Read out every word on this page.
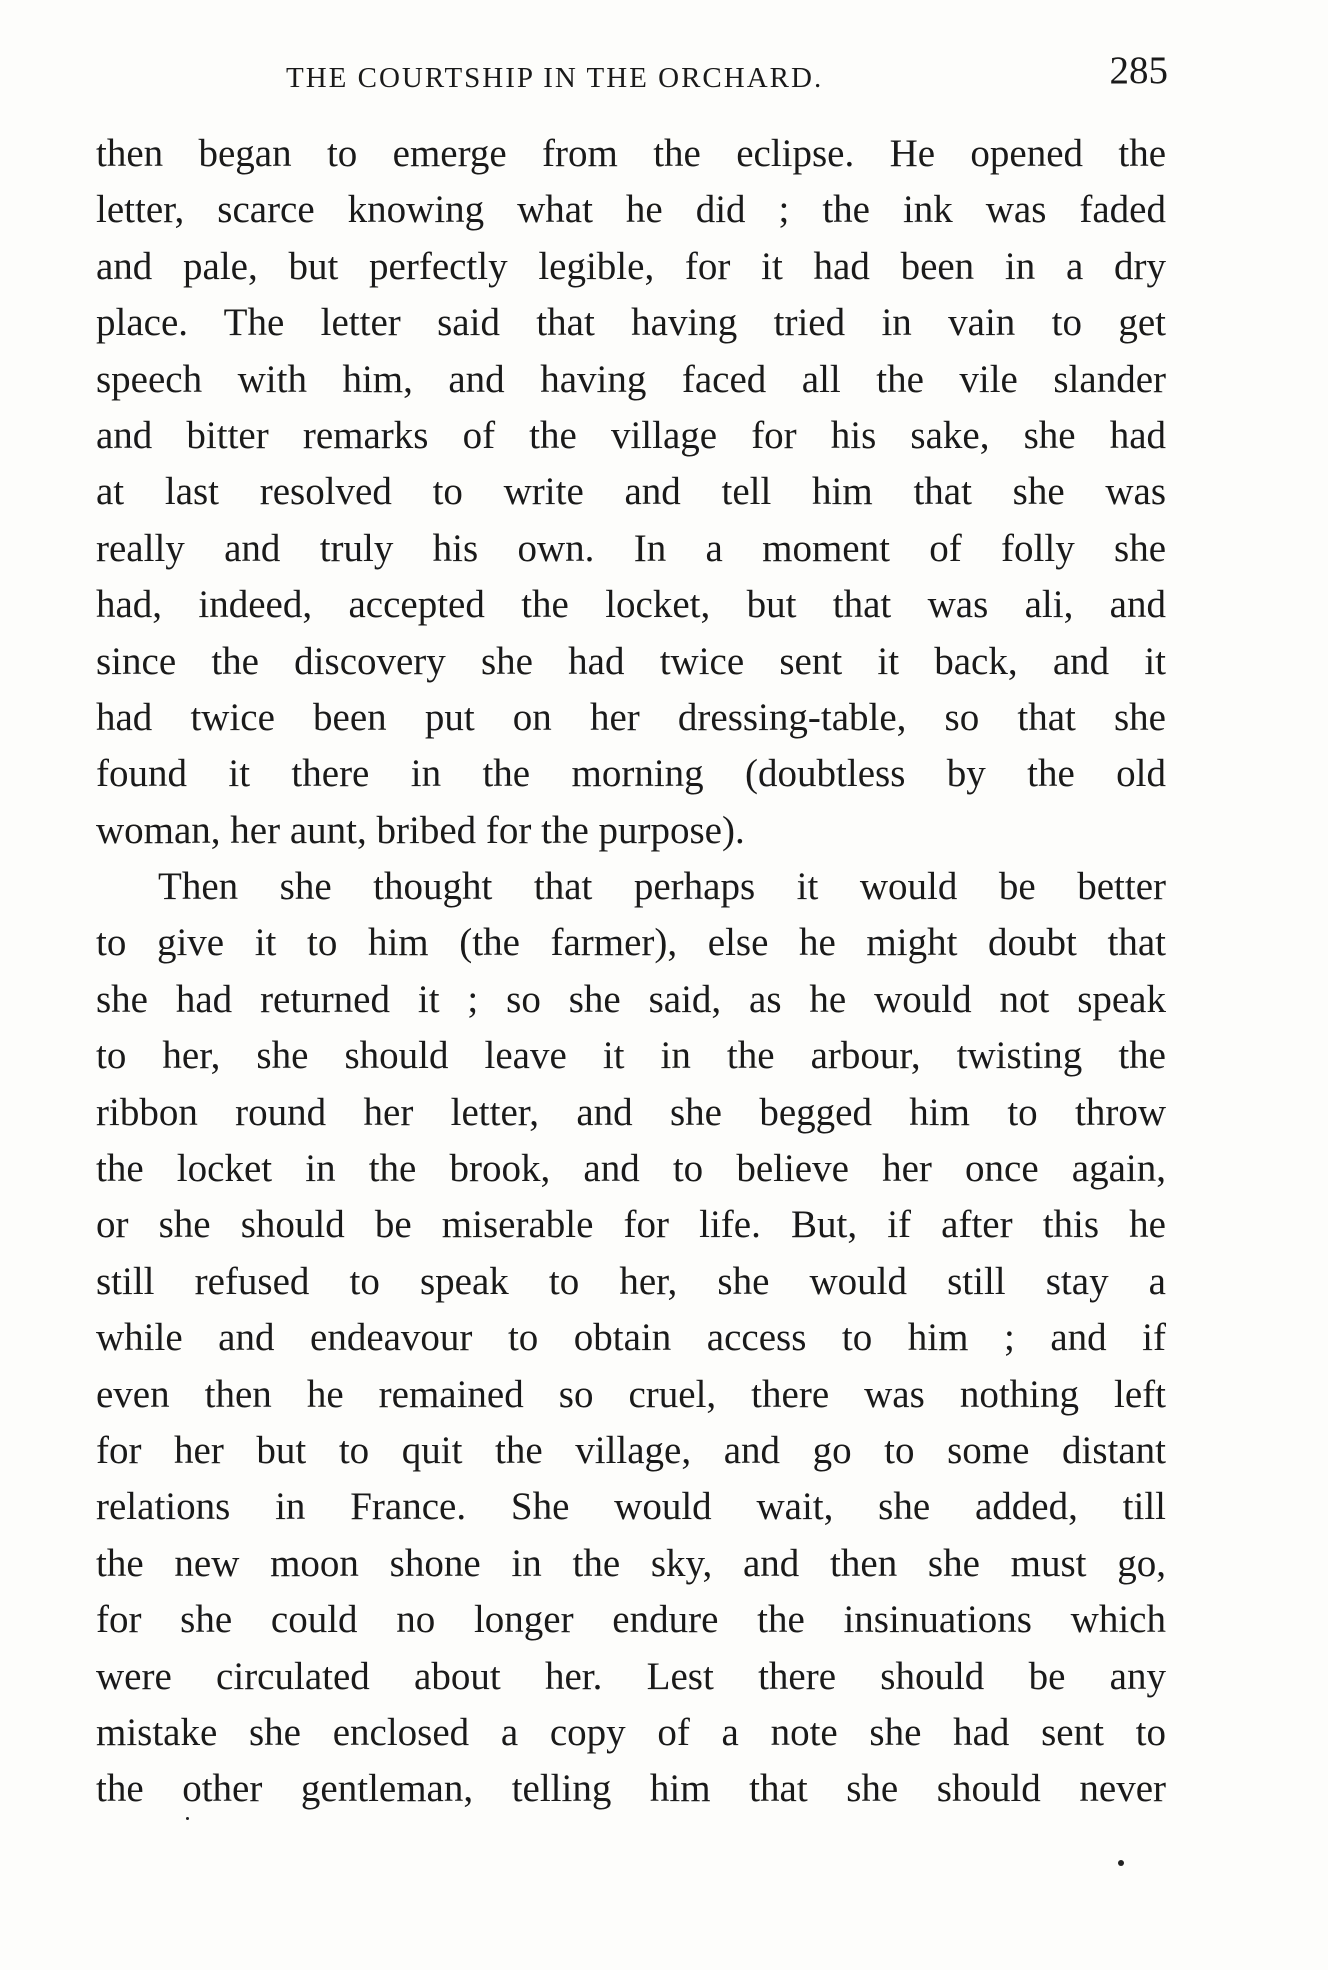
THE COURTSHIP IN THE ORCHARD.	285
then began to emerge from the eclipse. He opened the
letter, scarce knowing what he did ; the ink was faded
and pale, but perfectly legible, for it had been in a dry
place. The letter said that having tried in vain to get
speech with him, and having faced all the vile slander
and bitter remarks of the village for his sake, she had
at last resolved to write and tell him that she was
really and truly his own. In a moment of folly she
had, indeed, accepted the locket, but that was ali, and
since the discovery she had twice sent it back, and it
had twice been put on her dressing-table, so that she
found it there in the morning (doubtless by the old
woman, her aunt, bribed for the purpose).
Then she thought that perhaps it would be better
to give it to him (the farmer), else he might doubt that
she had returned it ; so she said, as he would not speak
to her, she should leave it in the arbour, twisting the
ribbon round her letter, and she begged him to throw
the locket in the brook, and to believe her once again,
or she should be miserable for life. But, if after this he
still refused to speak to her, she would still stay a
while and endeavour to obtain access to him ; and if
even then he remained so cruel, there was nothing left
for her but to quit the village, and go to some distant
relations in France. She would wait, she added, till
the new moon shone in the sky, and then she must go,
for she could no longer endure the insinuations which
were circulated about her. Lest there should be any
mistake she enclosed a copy of a note she had sent to
the other gentleman, telling him that she should never
